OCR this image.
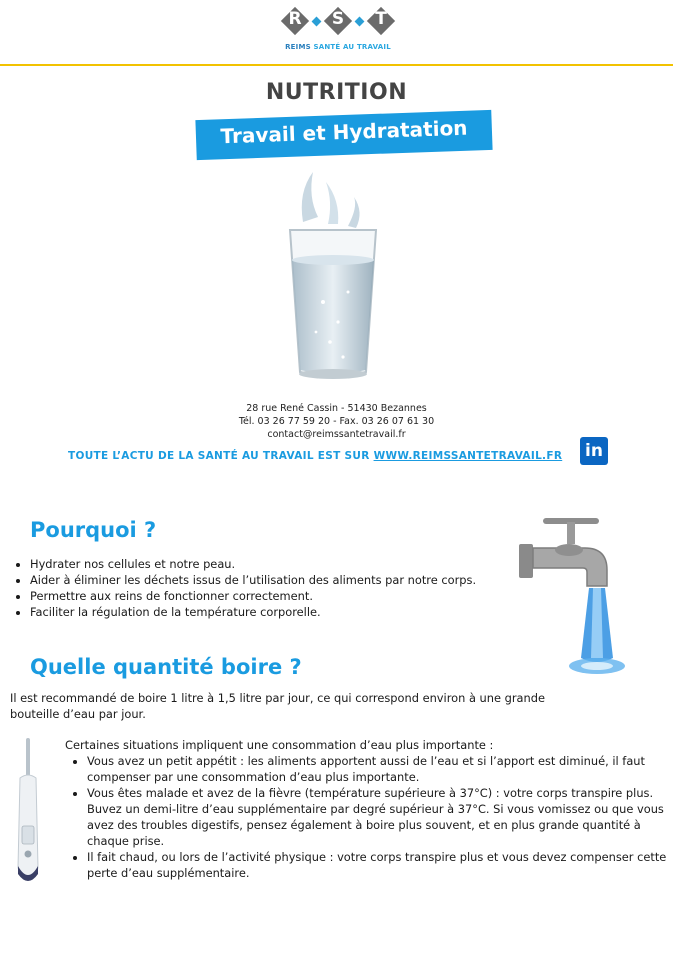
R	S	T
REIMS SANTÉ AU TRAVAIL
NUTRITION
Travail et Hydratation
28 rue René Cassin - 51430 Bezannes
Tél. 03 26 77 59 20 - Fax. 03 26 07 61 30
contact@reimssantetravail.fr
TOUTE L’ACTU DE LA SANTÉ AU TRAVAIL EST SUR WWW.REIMSSANTETRAVAIL.FR in
Pourquoi ?
• Hydrater nos cellules et notre peau.
• Aider à éliminer les déchets issus de l’utilisation des aliments par notre corps.
• Permettre aux reins de fonctionner correctement.
• Faciliter la régulation de la température corporelle.
Quelle quantité boire ?
Il est recommandé de boire 1 litre à 1,5 litre par jour, ce qui correspond environ à une grande bouteille d’eau par jour.
Certaines situations impliquent une consommation d’eau plus importante :
• Vous avez un petit appétit : les aliments apportent aussi de l’eau et si l’apport est diminué, il faut compenser par une consommation d’eau plus importante.
• Vous êtes malade et avez de la fièvre (température supérieure à 37°C) : votre corps transpire plus. Buvez un demi-litre d’eau supplémentaire par degré supérieur à 37°C. Si vous vomissez ou que vous avez des troubles digestifs, pensez également à boire plus souvent, et en plus grande quantité à chaque prise.
• Il fait chaud, ou lors de l’activité physique : votre corps transpire plus et vous devez compenser cette perte d’eau supplémentaire.
